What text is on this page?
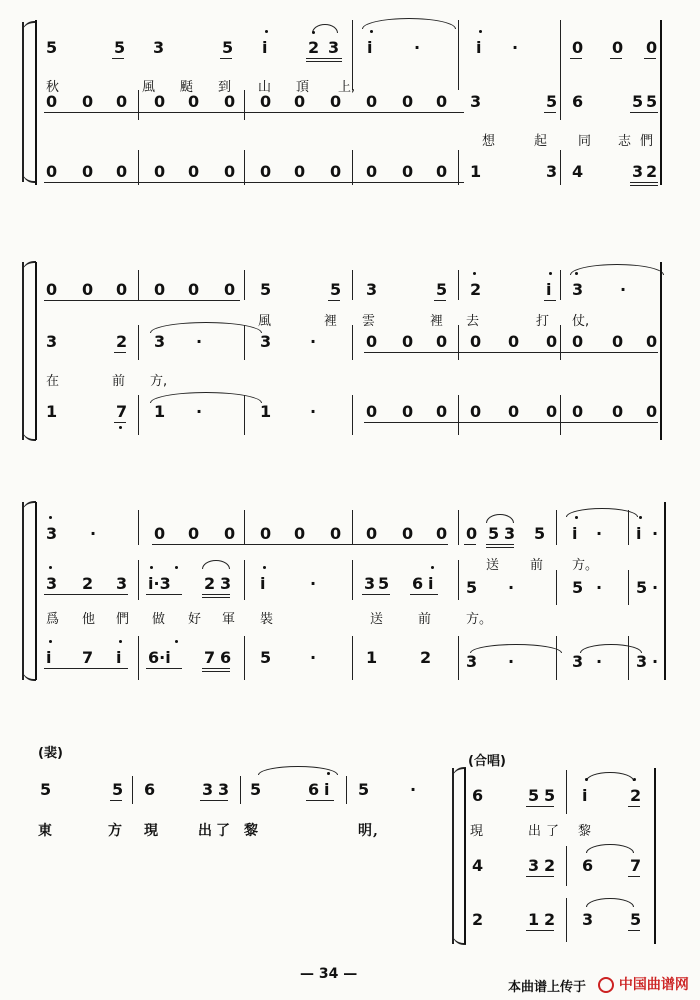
5	5 3	5 i	2 3 i	·	i ·	0 0 0
秋	風 颳 到 山 頂 上,
0 0 0 0 0 0 0 0 0 0 0 0 3	5 6	5 5
想	起 同 志 們
0 0 0 0 0 0 0 0 0 0 0 0 1	3 4	3 2
0 0 0 0 0 0 5	5 3	5 2	i 3 ·
風	裡 雲	裡 去	打 仗,
3	2 3 ·	3 ·	0 0 0 0 0 0 0 0 0
在	前 方,
1	7 1 ·	1 ·	0 0 0 0 0 0 0 0 0
3 ·	0 0 0 0 0 0 0 0 0 0 5 3 5 i · i ·
送 前 方。
3 2 3 i·3 2 3 i	·	3 5 6 i 5 ·	5 · 5 ·
爲 他 們 做 好 軍 裝	送	前	方。
i 7 i 6·i 7 6 5 ·	1	2 3 ·	3 · 3 ·
(裴)
5	5 6	3 3 5	6 i 5	·
東	方 現	出 了 黎	明,
(合唱)
6	5 5 i	2
現	出 了 黎
4	3 2 6 7
2	1 2 3 5
— 34 —
本曲谱上传于	中国曲谱网
